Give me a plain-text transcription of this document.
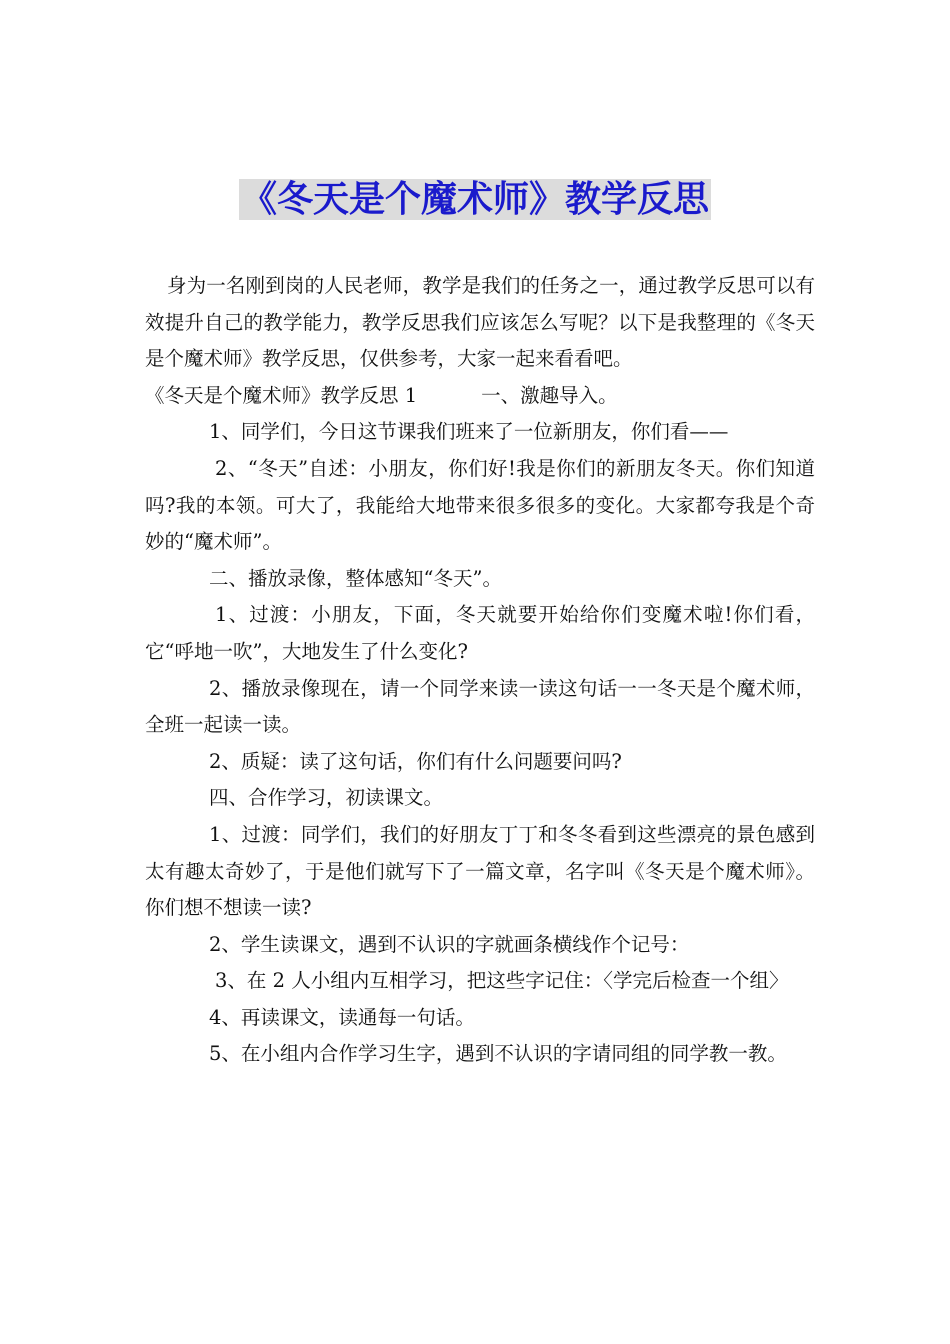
《冬天是个魔术师》教学反思

身为一名刚到岗的人民老师，教学是我们的任务之一，通过教学反思可以有效提升自己的教学能力，教学反思我们应该怎么写呢？以下是我整理的《冬天是个魔术师》教学反思，仅供参考，大家一起来看看吧。

《冬天是个魔术师》教学反思 1	一、激趣导入。

1、同学们，今日这节课我们班来了一位新朋友，你们看——

2、“冬天”自述：小朋友，你们好!我是你们的新朋友冬天。你们知道吗?我的本领。可大了，我能给大地带来很多很多的变化。大家都夸我是个奇妙的“魔术师”。

二、播放录像，整体感知“冬天”。

1、过渡：小朋友，下面，冬天就要开始给你们变魔术啦!你们看，它“呼地一吹”，大地发生了什么变化?

2、播放录像现在，请一个同学来读一读这句话一一冬天是个魔术师，全班一起读一读。

2、质疑：读了这句话，你们有什么问题要问吗?

四、合作学习，初读课文。

1、过渡：同学们，我们的好朋友丁丁和冬冬看到这些漂亮的景色感到太有趣太奇妙了，于是他们就写下了一篇文章，名字叫《冬天是个魔术师》。你们想不想读一读?

2、学生读课文，遇到不认识的字就画条横线作个记号：

3、在 2 人小组内互相学习，把这些字记住：〈学完后检查一个组〉

4、再读课文，读通每一句话。

5、在小组内合作学习生字，遇到不认识的字请同组的同学教一教。
